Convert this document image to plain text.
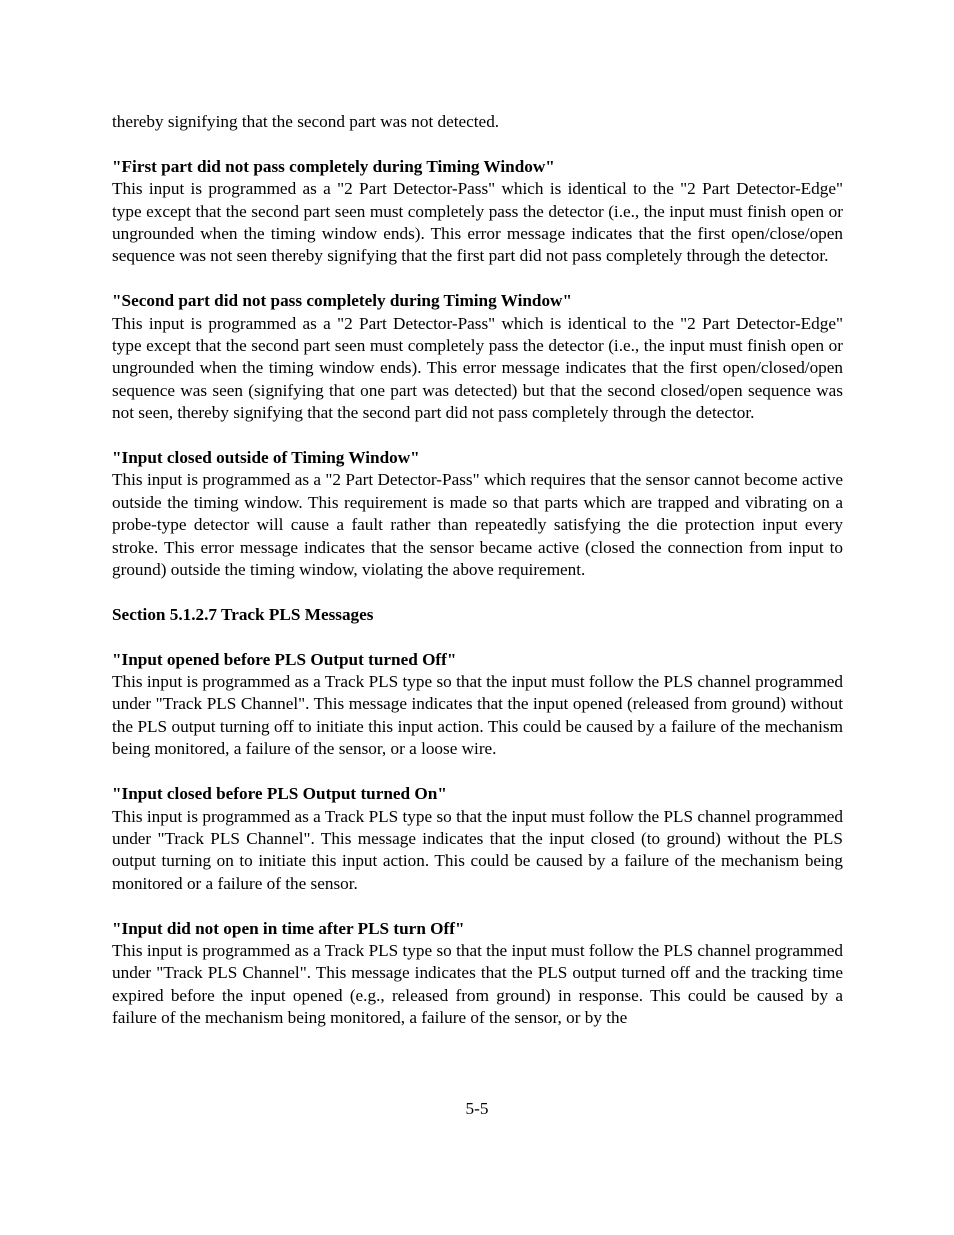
thereby signifying that the second part was not detected.

"First part did not pass completely during Timing Window"

This input is programmed as a "2 Part Detector-Pass" which is identical to the "2 Part Detector-Edge" type except that the second part seen must completely pass the detector (i.e., the input must finish open or ungrounded when the timing window ends). This error message indicates that the first open/close/open sequence was not seen thereby signifying that the first part did not pass completely through the detector.

"Second part did not pass completely during Timing Window"

This input is programmed as a "2 Part Detector-Pass" which is identical to the "2 Part Detector-Edge" type except that the second part seen must completely pass the detector (i.e., the input must finish open or ungrounded when the timing window ends). This error message indicates that the first open/closed/open sequence was seen (signifying that one part was detected) but that the second closed/open sequence was not seen, thereby signifying that the second part did not pass completely through the detector.

"Input closed outside of Timing Window"

This input is programmed as a "2 Part Detector-Pass" which requires that the sensor cannot become active outside the timing window. This requirement is made so that parts which are trapped and vibrating on a probe-type detector will cause a fault rather than repeatedly satisfying the die protection input every stroke. This error message indicates that the sensor became active (closed the connection from input to ground) outside the timing window, violating the above requirement.

Section 5.1.2.7 Track PLS Messages

"Input opened before PLS Output turned Off"

This input is programmed as a Track PLS type so that the input must follow the PLS channel programmed under "Track PLS Channel". This message indicates that the input opened (released from ground) without the PLS output turning off to initiate this input action. This could be caused by a failure of the mechanism being monitored, a failure of the sensor, or a loose wire.

"Input closed before PLS Output turned On"

This input is programmed as a Track PLS type so that the input must follow the PLS channel programmed under "Track PLS Channel". This message indicates that the input closed (to ground) without the PLS output turning on to initiate this input action. This could be caused by a failure of the mechanism being monitored or a failure of the sensor.

"Input did not open in time after PLS turn Off"

This input is programmed as a Track PLS type so that the input must follow the PLS channel programmed under "Track PLS Channel". This message indicates that the PLS output turned off and the tracking time expired before the input opened (e.g., released from ground) in response. This could be caused by a failure of the mechanism being monitored, a failure of the sensor, or by the

5-5
